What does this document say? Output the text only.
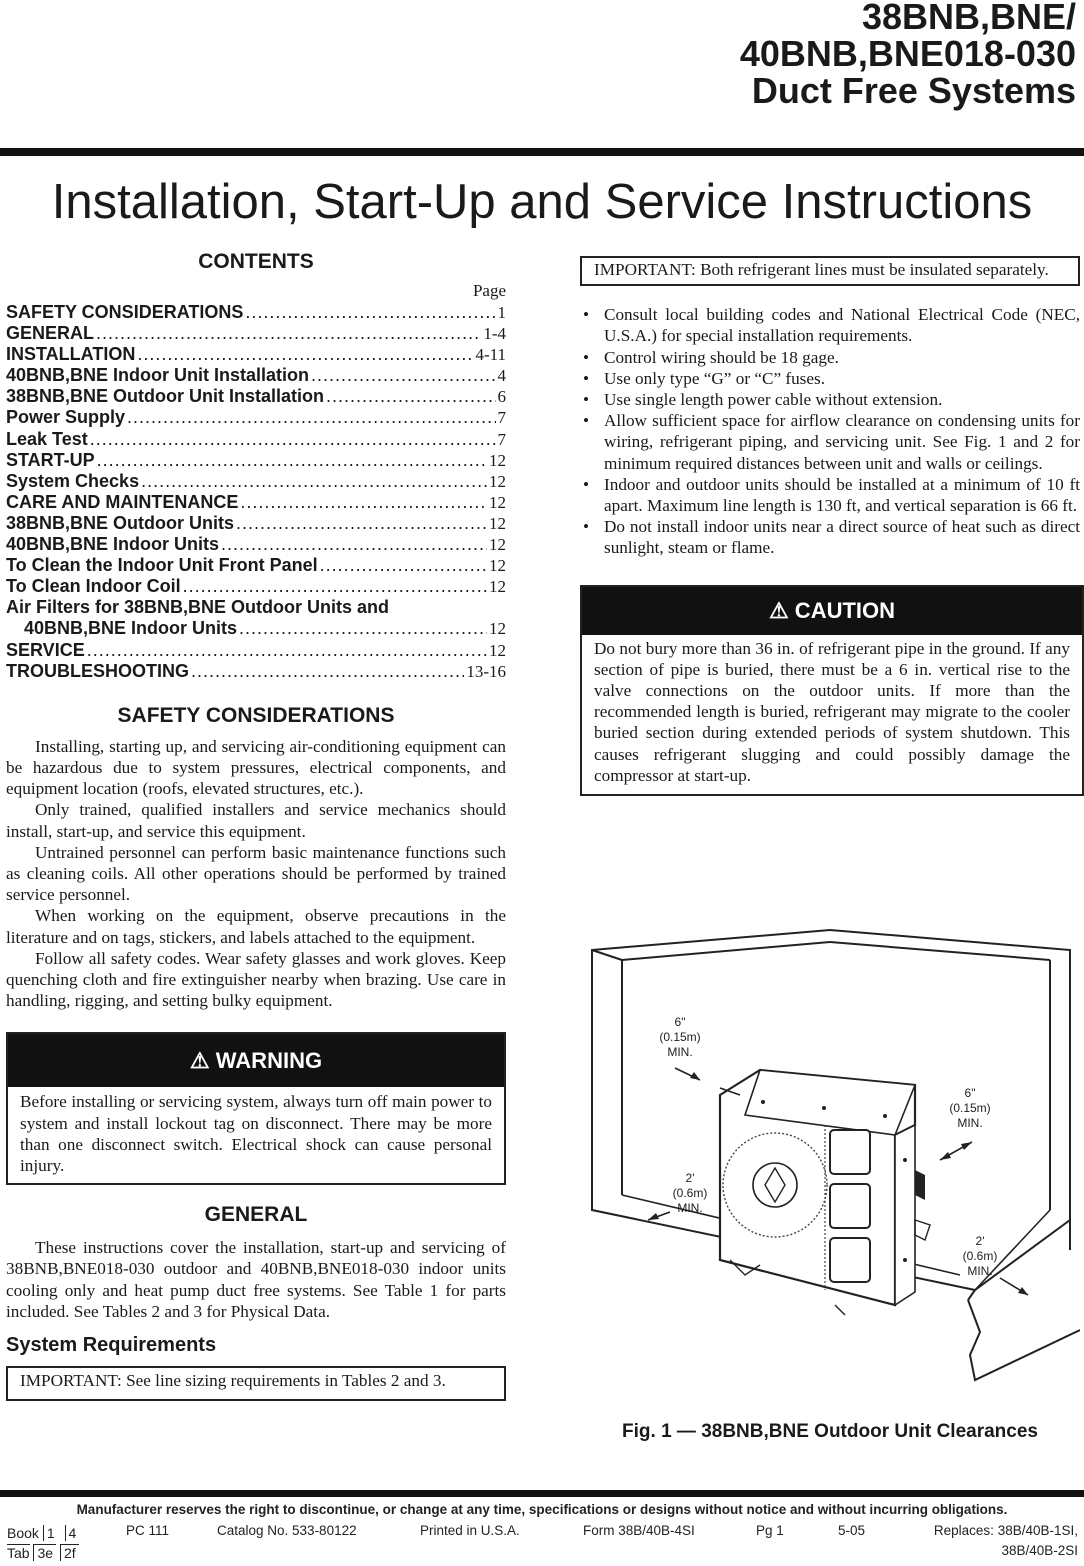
38BNB,BNE/
40BNB,BNE018-030
Duct Free Systems
Installation, Start-Up and Service Instructions
CONTENTS
Page
SAFETY CONSIDERATIONS .....	1
GENERAL .....	1-4
INSTALLATION .....	4-11
40BNB,BNE Indoor Unit Installation .....	4
38BNB,BNE Outdoor Unit Installation .....	6
Power Supply .....	7
Leak Test .....	7
START-UP .....	12
System Checks .....	12
CARE AND MAINTENANCE .....	12
38BNB,BNE Outdoor Units .....	12
40BNB,BNE Indoor Units .....	12
To Clean the Indoor Unit Front Panel .....	12
To Clean Indoor Coil .....	12
Air Filters for 38BNB,BNE Outdoor Units and
40BNB,BNE Indoor Units .....	12
SERVICE .....	12
TROUBLESHOOTING .....	13-16
SAFETY CONSIDERATIONS

Installing, starting up, and servicing air-conditioning equipment can be hazardous due to system pressures, electrical components, and equipment location (roofs, elevated structures, etc.).

Only trained, qualified installers and service mechanics should install, start-up, and service this equipment.

Untrained personnel can perform basic maintenance functions such as cleaning coils. All other operations should be performed by trained service personnel.

When working on the equipment, observe precautions in the literature and on tags, stickers, and labels attached to the equipment.

Follow all safety codes. Wear safety glasses and work gloves. Keep quenching cloth and fire extinguisher nearby when brazing. Use care in handling, rigging, and setting bulky equipment.

⚠ WARNING

Before installing or servicing system, always turn off main power to system and install lockout tag on disconnect. There may be more than one disconnect switch. Electrical shock can cause personal injury.

GENERAL

These instructions cover the installation, start-up and servicing of 38BNB,BNE018-030 outdoor and 40BNB,BNE018-030 indoor units cooling only and heat pump duct free systems. See Table 1 for parts included. See Tables 2 and 3 for Physical Data.

System Requirements

IMPORTANT: See line sizing requirements in Tables 2 and 3.

IMPORTANT: Both refrigerant lines must be insulated separately.

• Consult local building codes and National Electrical Code (NEC, U.S.A.) for special installation requirements.
• Control wiring should be 18 gage.
• Use only type “G” or “C” fuses.
• Use single length power cable without extension.
• Allow sufficient space for airflow clearance on condensing units for wiring, refrigerant piping, and servicing unit. See Fig. 1 and 2 for minimum required distances between unit and walls or ceilings.
• Indoor and outdoor units should be installed at a minimum of 10 ft apart. Maximum line length is 130 ft, and vertical separation is 66 ft.
• Do not install indoor units near a direct source of heat such as direct sunlight, steam or flame.
⚠ CAUTION

Do not bury more than 36 in. of refrigerant pipe in the ground. If any section of pipe is buried, there must be a 6 in. vertical rise to the valve connections on the outdoor units. If more than the recommended length is buried, refrigerant may migrate to the cooler buried section during extended periods of system shutdown. This causes refrigerant slugging and could possibly damage the compressor at start-up.

6"
(0.15m)
MIN.
6"
(0.15m)
MIN.
2'
(0.6m)
MIN.
2'
(0.6m)
MIN.
Fig. 1 — 38BNB,BNE Outdoor Unit Clearances
Manufacturer reserves the right to discontinue, or change at any time, specifications or designs without notice and without incurring obligations.
Book 1 4
Tab 3e 2f
PC 111	Catalog No. 533-80122	Printed in U.S.A.	Form 38B/40B-4SI	Pg 1	5-05	Replaces: 38B/40B-1SI,
38B/40B-2SI
